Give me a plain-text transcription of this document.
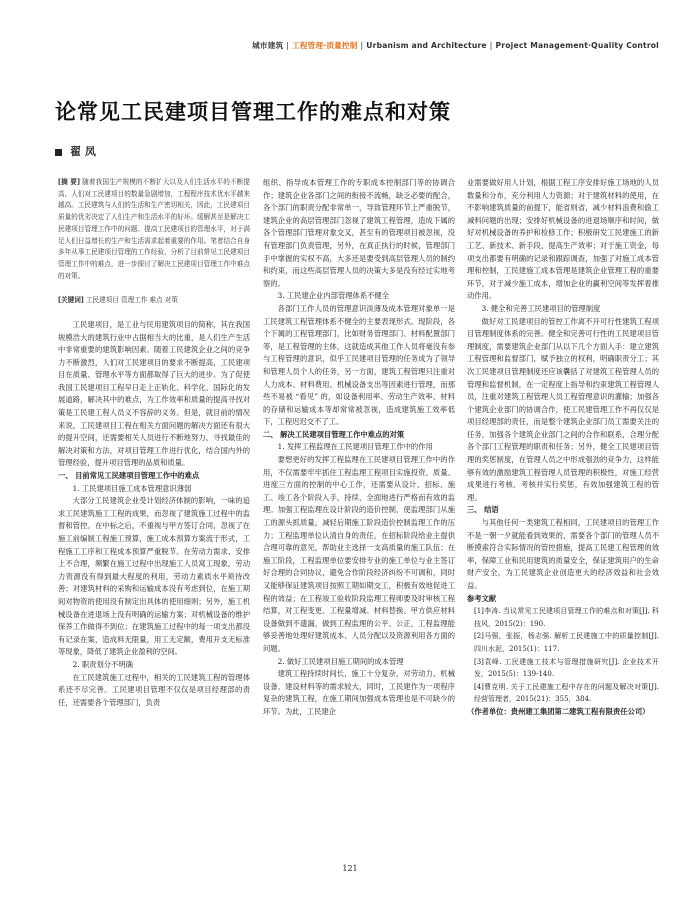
城市建筑 | 工程管理·质量控制 | Urbanism and Architecture | Project Management·Quality Control
论常见工民建项目管理工作的难点和对策
翟 凤
[摘 要] 随着我国生产规模的不断扩大以及人们生活水平的不断提高，人们对工民建项目的数量急剧增加，工程程序技术优水平越来越高。工民建筑与人们的生活和生产密切相关，因此，工民建项目质量的优劣决定了人们生产和生活水平的好坏。缓解甚至是解决工民建项目管理工作中的问题、提高工民建项目的管理水平，对于满足人们日益增长的生产和生活需求起着重要的作用。笔者结合自身多年从事工民建项目管理的工作经验，分析了目前常见工民建项目管理工作中的难点，进一步探讨了解决工民建项目管理工作中难点的对策。
[关键词] 工民建项目 管理工作 难点 对策

工民建项目，是工业与民用建筑项目的简称，其在我国规模浩大的建筑行业中占据相当大的比重，是人们生产生活中非常重要的建筑影响因素。随着工民建筑企业之间的竞争力不断激烈，人们对工民建项目的要求不断提高，工民建项目在质量、管理水平等方面都取得了巨大的进步。为了促使我国工民建项目工程早日走上正轨化、科学化、国际化的发展道路，解决其中的难点，为工作效率和质量的提高寻找对策是工民建工程人员义不容辞的义务。但是，就目前的情况来说，工民建项目工程在相关方面问题的解决方面还有很大的提升空间，还需要相关人员进行不断地努力，寻找最佳的解决对策和方法，对项目管理工作进行优化，结合国内外的管理经验，提升项目管理的品质和质量。

一、 目前常见工民建项目管理工作中的难点

1. 工民建项目施工成本管理意识薄弱

大部分工民建筑企业受计划经济体制的影响，一味的追求工民建筑施工工程的成果，而忽视了建筑施工过程中的监督和管控。在中标之后，不重视与甲方签订合同，忽视了在施工前编制工程施工预算，施工成本预算方案流于形式，工程施工工序和工程成本预算严重脱节。在劳动力需求、安排上不合理，频繁在施工过程中出现施工人员窝工现象，劳动力资源没有得到最大程度的利用，劳动力素质水平须待改善；对建筑材料的采购和运输成本没有考虑到位，在施工期间对物资的使用没有制定出具体的使用细则；另外，施工机械设备在进退场上没有明确的运输方案；对机械设备的维护保养工作做得不到位；在建筑施工过程中的每一项支出都没有记录在案，造成料无限量，用工无定额，费用开支无标准等现象，降低了建筑企业盈利的空间。

2. 职责划分不明确

在工民建筑施工过程中，相关的工民建筑工程的管理体系还不尽完善。工民建项目管理不仅仅是项目经理部的责任，还需要各个管理部门，负责

组织、指导成本管理工作的专职成本控制部门等的协调合作；建筑企业各部门之间的衔接不流畅，缺乏必要的配合，各个部门的职责分配非常单一，导致管理环节上严重脱节，建筑企业的高层管理部门忽视了建筑工程管理，造成下属的各个管理部门管理对象交叉，甚至有的管理项目被忽视，没有管理部门负责管理，另外，在真正执行的时候，管理部门手中掌握的实权不高，大多还是要受到高层管理人员的制约和约束，而这些高层管理人员的决策大多是没有经过实地考察的。

3. 工民建企业内部管理体系不健全

各部门工作人员的管理意识淡薄及成本管理对象单一是工民建筑工程管理体系不健全的主要表现形式。现阶段，各个下属的工程管理部门，比如财务管理部门、材料配置部门等，是工程管理的主体，这就造成其他工作人员将毫没有参与工程管理的意识，似乎工民建项目管理的任务成为了领导和管理人员个人的任务，另一方面，建筑工程管理只注重对人力成本、材料费用、机械设备支出等因素进行管理，而那些不易被 “看见” 的，如设备利用率、劳动生产效率、材料的存储和运输成本等却常常被忽视，造成建筑施工效率低下，工程迟迟交不了工。

二、 解决工民建项目管理工作中难点的对策

1. 发挥工程监理在工民建项目管理工作中的作用

要想更好的发挥工程监理在工民建项目管理工作中的作用，不仅需要牢牢抓住工程监理工程项目实施投资、质量、进度三方面的控制的中心工作，还需要从设计、招标、施工、竣工各个阶段入手，持续、全面地进行严格而有效的监理。加强工程监理在设计阶段的造价控制，使监理部门从施工的源头抓质量，减轻后期施工阶段造价控制监理工作的压力；工程监理单位认清自身的责任，在招标阶段给业主提供合理可靠的意见，帮助业主选择一支高质量的施工队伍；在施工阶段，工程监理单位要安排专业的施工单位与业主签订好合理的合同协议，避免合作阶段经济纠纷不可调和，同时又能够保证建筑项目按照工期如期交工，积极有效地促进工程的效益；在工程竣工验收阶段监理工程师要及时审核工程结算，对工程变更、工程量增减、材料替换、甲方供应材料设备做到不遗漏，做到工程监理的公平、公正，工程监理能够妥善地处理好建筑成本、人员分配以及资源利用各方面的问题。

2. 做好工民建项目施工期间的成本管理

建筑工程持续时间长，施工十分复杂，对劳动力、机械设备、建设材料等的需求较大，同时，工民建作为一项程序复杂的建筑工程，在施工期间加强成本管理也是不可缺少的环节。为此，工民建企

业需要做好用人计划，根据工程工序安排好施工场地的人员数量和分布，充分利用人力资源；对于建筑材料的使用，在不影响建筑质量的前提下，能省则省，减少材料浪费和偷工减料问题的出现；安排好机械设备的进退场顺序和时间，做好对机械设备的养护和检修工作；积极研发工民建施工的新工艺、新技术、新手段，提高生产效率；对于施工资金，每项支出都要有明确的记录和跟踪调查，加强了对施工成本管理和控制，工民建施工成本管理是建筑企业管理工程的重要环节，对于减少施工成本，增加企业的赢利空间等发挥着推动作用。

3. 健全和完善工民建项目的管理制度

做好对工民建项目的管控工作离不开可行性建筑工程项目管理制度体系的完善。健全和完善可行性的工民建项目管理制度，需要建筑企业部门从以下几个方面入手：建立建筑工程管理和监督部门，赋予独立的权利，明确职责分工；其次工民建项目管理制度还应该囊括了对建筑工程管理人员的管理和监督机制，在一定程度上指导和约束建筑工程管理人员，注重对建筑工程管理人员工程管理意识的灌输；加强各个建筑企业部门的协调合作，使工民建管理工作不再仅仅是项目经理部的责任，而是整个建筑企业部门员工需要关注的任务，加强各个建筑企业部门之间的合作和联系，合理分配各个部门工程管理的职责和任务；另外，健全工民建项目管理的奖惩制度，在管理人员之中形成强劲的竞争力，这样能够有效的激励建筑工程管理人员管理的积极性，对施工经营成果进行考核、考核并实行奖惩，有效加强建筑工程的管理。

三、 结语

与其他任何一类建筑工程相同，工民建项目的管理工作不是一朝一夕就能看到效果的，需要各个部门的管理人员不断摸索符合实际情况的管控措施，提高工民建工程管理的效率，保障工业和民用建筑的质量安全，保证建筑用户的生命财产安全，为工民建筑企业创造更大的经济效益和社会效益。

参考文献
[1]李涛. 当议常见工民建项目管理工作的难点和对策[J]. 科技风，2015(2)：190.
[2]马强，张振，杨志强. 解析工民建施工中的质量控制[J]. 四川水泥，2015(1)：117.
[3]袁峰. 工民建施工技术与管理措施研究[J]. 企业技术开发，2015(5)：139-140.
[4]曹克明. 关于工民建施工程中存在的问题及解决对策[J]. 经营管理者，2015(21)：355，384.
（作者单位：贵州建工集团第二建筑工程有限责任公司）
121
